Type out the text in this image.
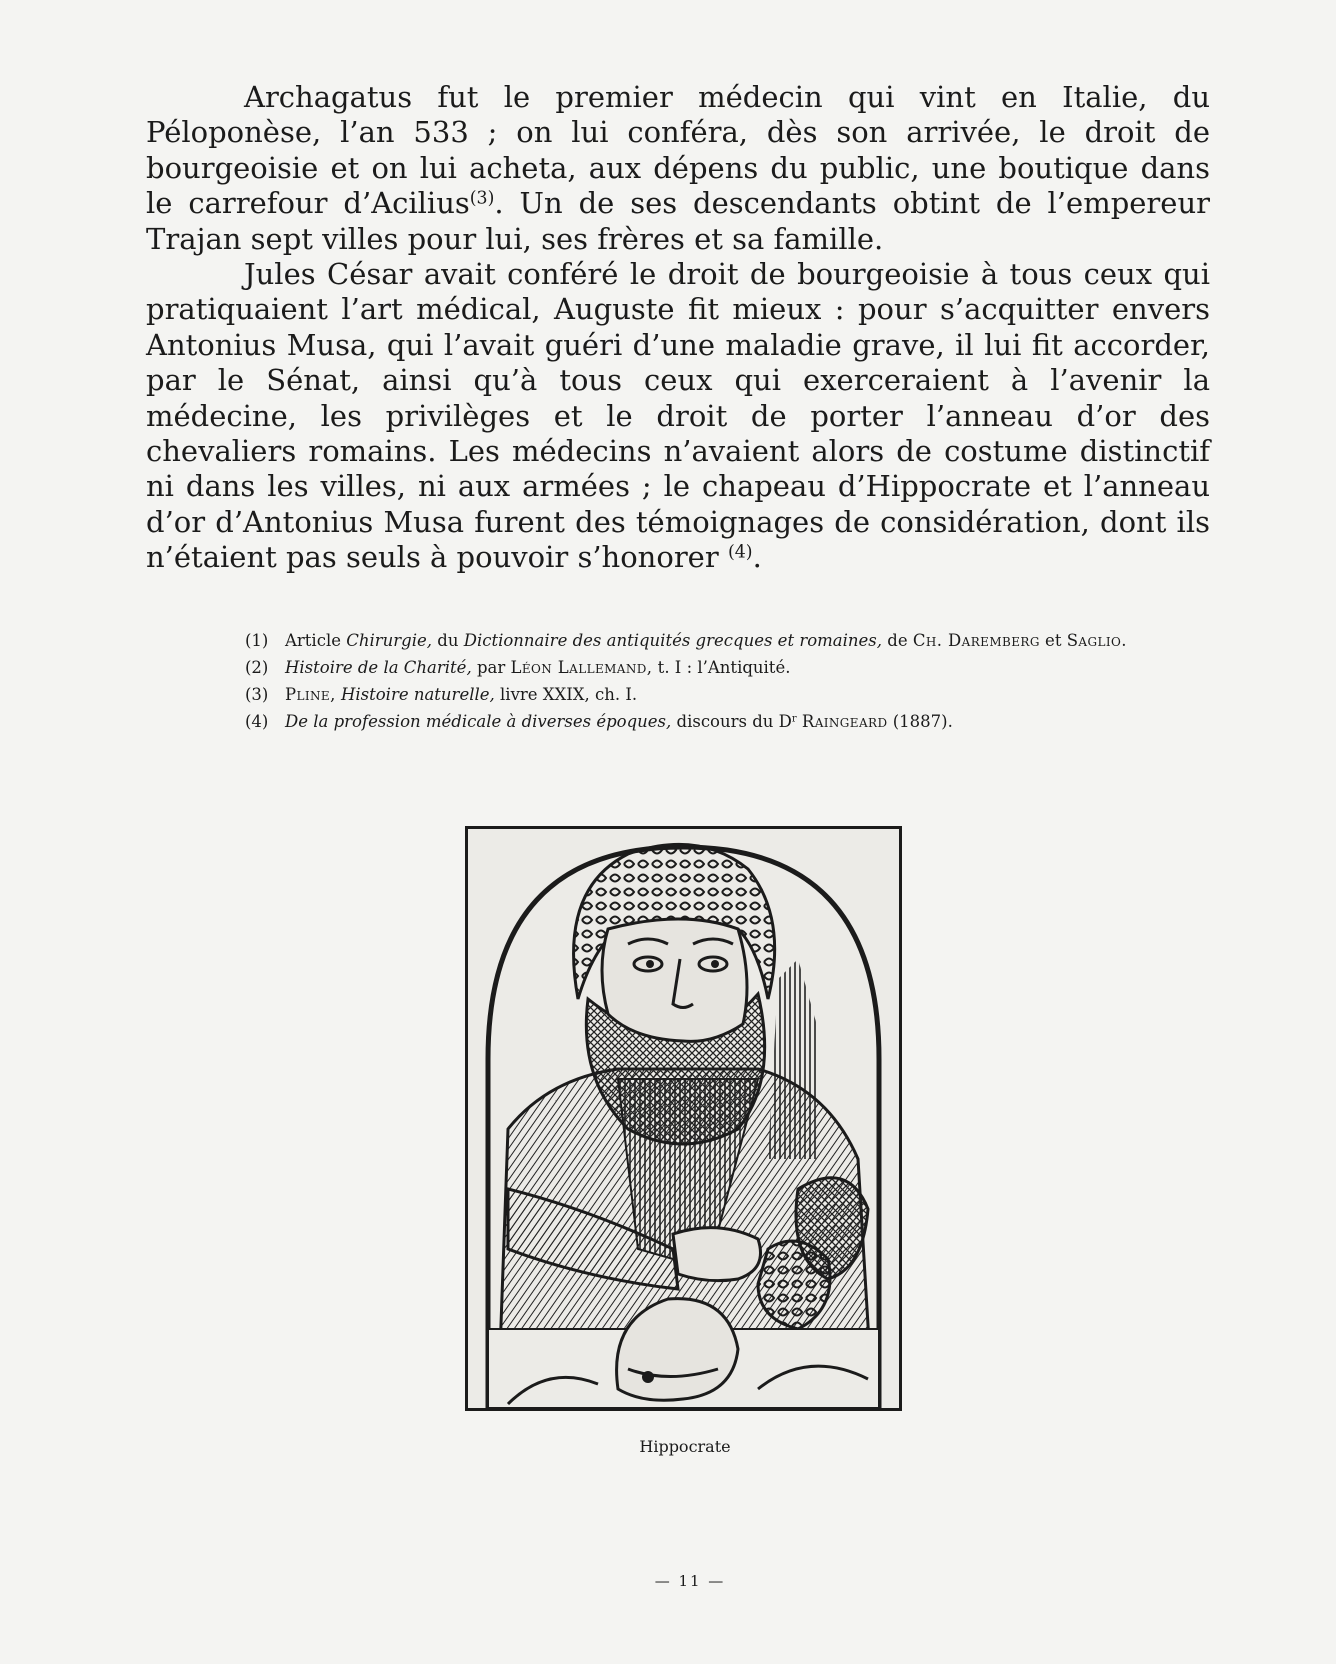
Archagatus fut le premier médecin qui vint en Italie, du Péloponèse, l’an 533 ; on lui conféra, dès son arrivée, le droit de bourgeoisie et on lui acheta, aux dépens du public, une boutique dans le carrefour d’Acilius$^{(3)}$. Un de ses descendants obtint de l’empereur Trajan sept villes pour lui, ses frères et sa famille.

Jules César avait conféré le droit de bourgeoisie à tous ceux qui pratiquaient l’art médical, Auguste fit mieux : pour s’acquitter envers Antonius Musa, qui l’avait guéri d’une maladie grave, il lui fit accorder, par le Sénat, ainsi qu’à tous ceux qui exerceraient à l’avenir la médecine, les privilèges et le droit de porter l’anneau d’or des chevaliers romains. Les médecins n’avaient alors de costume distinctif ni dans les villes, ni aux armées ; le chapeau d’Hippocrate et l’anneau d’or d’Antonius Musa furent des témoignages de considération, dont ils n’étaient pas seuls à pouvoir s’honorer $^{(4)}$.

(1) Article Chirurgie, du Dictionnaire des antiquités grecques et romaines, de Ch. Daremberg et Saglio.
(2) Histoire de la Charité, par Léon Lallemand, t. I : l’Antiquité.
(3) Pline, Histoire naturelle, livre XXIX, ch. I.
(4) De la profession médicale à diverses époques, discours du $D^r$ Raingeard (1887).
Hippocrate
— 11 —
